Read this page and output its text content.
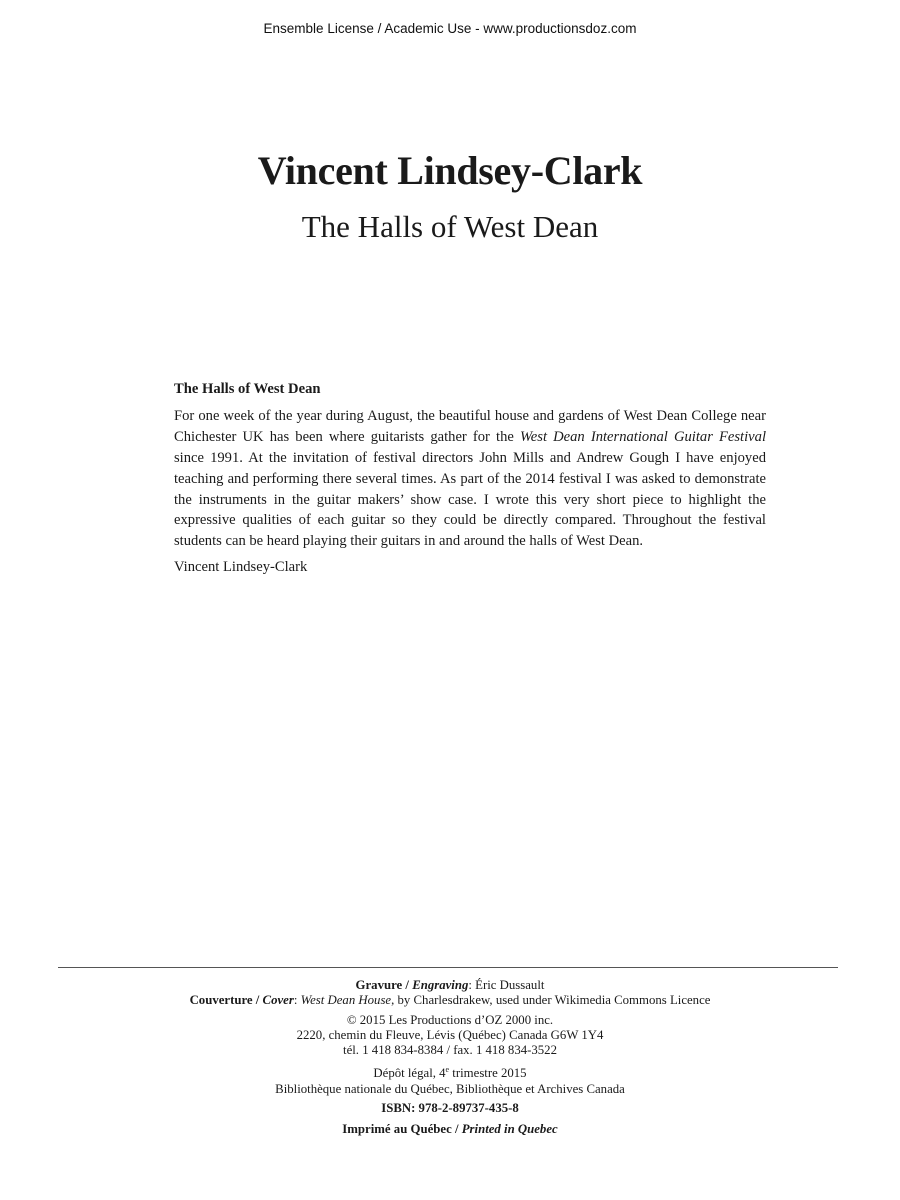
Ensemble License / Academic Use - www.productionsdoz.com
Vincent Lindsey-Clark
The Halls of West Dean

The Halls of West Dean

For one week of the year during August, the beautiful house and gardens of West Dean College near Chichester UK has been where guitarists gather for the West Dean International Guitar Festival since 1991. At the invitation of festival directors John Mills and Andrew Gough I have enjoyed teaching and performing there several times. As part of the 2014 festival I was asked to demonstrate the instruments in the guitar makers’ show case. I wrote this very short piece to highlight the expressive qualities of each guitar so they could be directly compared. Throughout the festival students can be heard playing their guitars in and around the halls of West Dean.

Vincent Lindsey-Clark

Gravure / Engraving: Éric Dussault
Couverture / Cover: West Dean House, by Charlesdrakew, used under Wikimedia Commons Licence
© 2015 Les Productions d’OZ 2000 inc.
2220, chemin du Fleuve, Lévis (Québec) Canada G6W 1Y4
tél. 1 418 834-8384 / fax. 1 418 834-3522
Dépôt légal, 4e trimestre 2015
Bibliothèque nationale du Québec, Bibliothèque et Archives Canada
ISBN: 978-2-89737-435-8
Imprimé au Québec / Printed in Quebec
